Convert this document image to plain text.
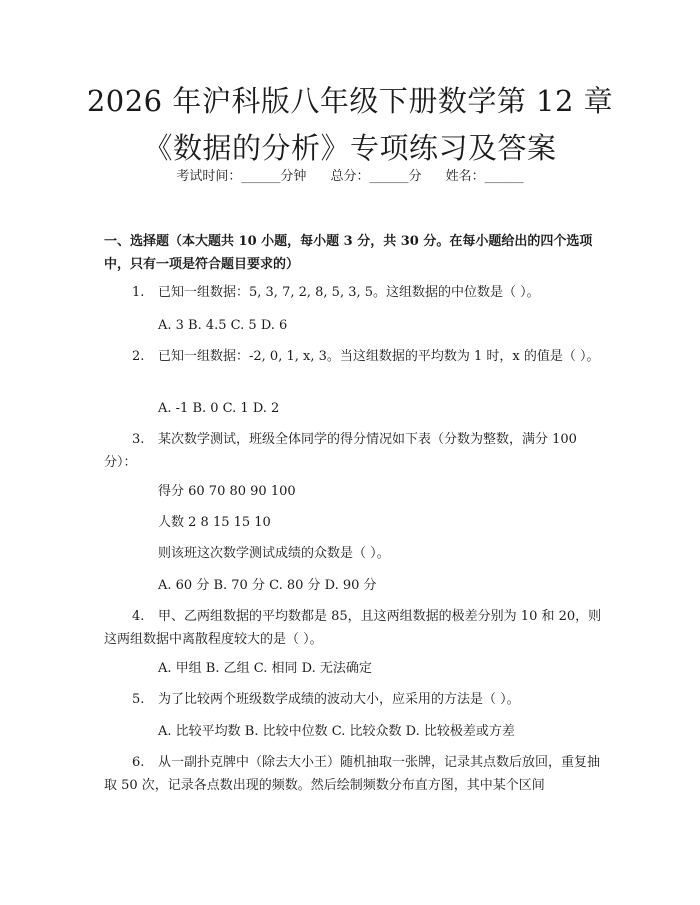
2026 年沪科版八年级下册数学第 12 章《数据的分析》专项练习及答案
考试时间：______分钟 总分：______分 姓名：______
一、选择题（本大题共 10 小题，每小题 3 分，共 30 分。在每小题给出的四个选项中，只有一项是符合题目要求的）
1. 已知一组数据：5, 3, 7, 2, 8, 5, 3, 5。这组数据的中位数是（ ）。
A. 3 B. 4.5 C. 5 D. 6
2. 已知一组数据：-2, 0, 1, x, 3。当这组数据的平均数为 1 时，x 的值是（ ）。
A. -1 B. 0 C. 1 D. 2
3. 某次数学测试，班级全体同学的得分情况如下表（分数为整数，满分 100 分）：
得分 60 70 80 90 100
人数 2 8 15 15 10
则该班这次数学测试成绩的众数是（ ）。
A. 60 分 B. 70 分 C. 80 分 D. 90 分
4. 甲、乙两组数据的平均数都是 85，且这两组数据的极差分别为 10 和 20，则这两组数据中离散程度较大的是（ ）。
A. 甲组 B. 乙组 C. 相同 D. 无法确定
5. 为了比较两个班级数学成绩的波动大小，应采用的方法是（ ）。
A. 比较平均数 B. 比较中位数 C. 比较众数 D. 比较极差或方差
6. 从一副扑克牌中（除去大小王）随机抽取一张牌，记录其点数后放回，重复抽取 50 次，记录各点数出现的频数。然后绘制频数分布直方图，其中某个区间
